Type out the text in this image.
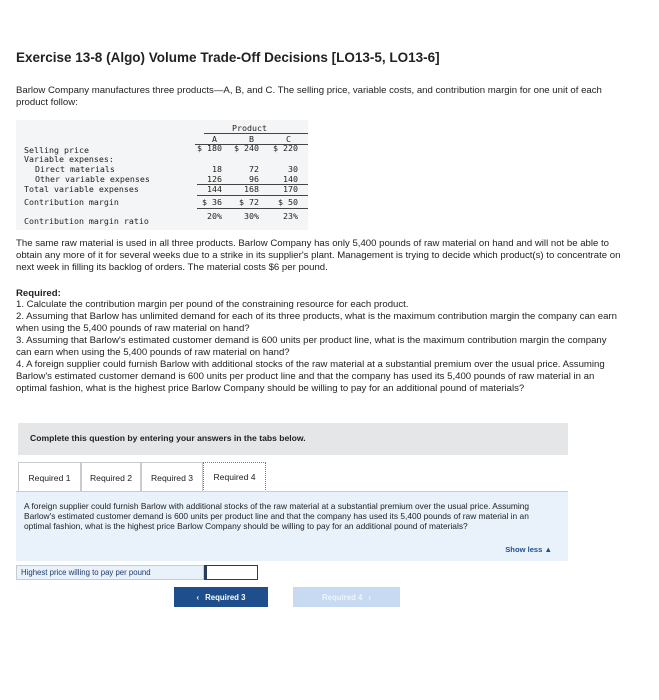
Exercise 13-8 (Algo) Volume Trade-Off Decisions [LO13-5, LO13-6]

Barlow Company manufactures three products—A, B, and C. The selling price, variable costs, and contribution margin for one unit of each product follow:

Product
A	B	C
Selling price	$ 180	$ 240	$ 220
Variable expenses:
Direct materials	18	72	30
Other variable expenses	126	96	140
Total variable expenses	144	168	170
Contribution margin	$ 36	$ 72	$ 50
Contribution margin ratio	20%	30%	23%

The same raw material is used in all three products. Barlow Company has only 5,400 pounds of raw material on hand and will not be able to obtain any more of it for several weeks due to a strike in its supplier's plant. Management is trying to decide which product(s) to concentrate on next week in filling its backlog of orders. The material costs $6 per pound.

Required:

1. Calculate the contribution margin per pound of the constraining resource for each product.

2. Assuming that Barlow has unlimited demand for each of its three products, what is the maximum contribution margin the company can earn when using the 5,400 pounds of raw material on hand?

3. Assuming that Barlow's estimated customer demand is 600 units per product line, what is the maximum contribution margin the company can earn when using the 5,400 pounds of raw material on hand?

4. A foreign supplier could furnish Barlow with additional stocks of the raw material at a substantial premium over the usual price. Assuming Barlow's estimated customer demand is 600 units per product line and that the company has used its 5,400 pounds of raw material in an optimal fashion, what is the highest price Barlow Company should be willing to pay for an additional pound of materials?

Complete this question by entering your answers in the tabs below.
Required 1	Required 2	Required 3	Required 4

A foreign supplier could furnish Barlow with additional stocks of the raw material at a substantial premium over the usual price. Assuming Barlow's estimated customer demand is 600 units per product line and that the company has used its 5,400 pounds of raw material in an optimal fashion, what is the highest price Barlow Company should be willing to pay for an additional pound of materials?

Show less ▲
Highest price willing to pay per pound
‹ Required 3	Required 4 ›
